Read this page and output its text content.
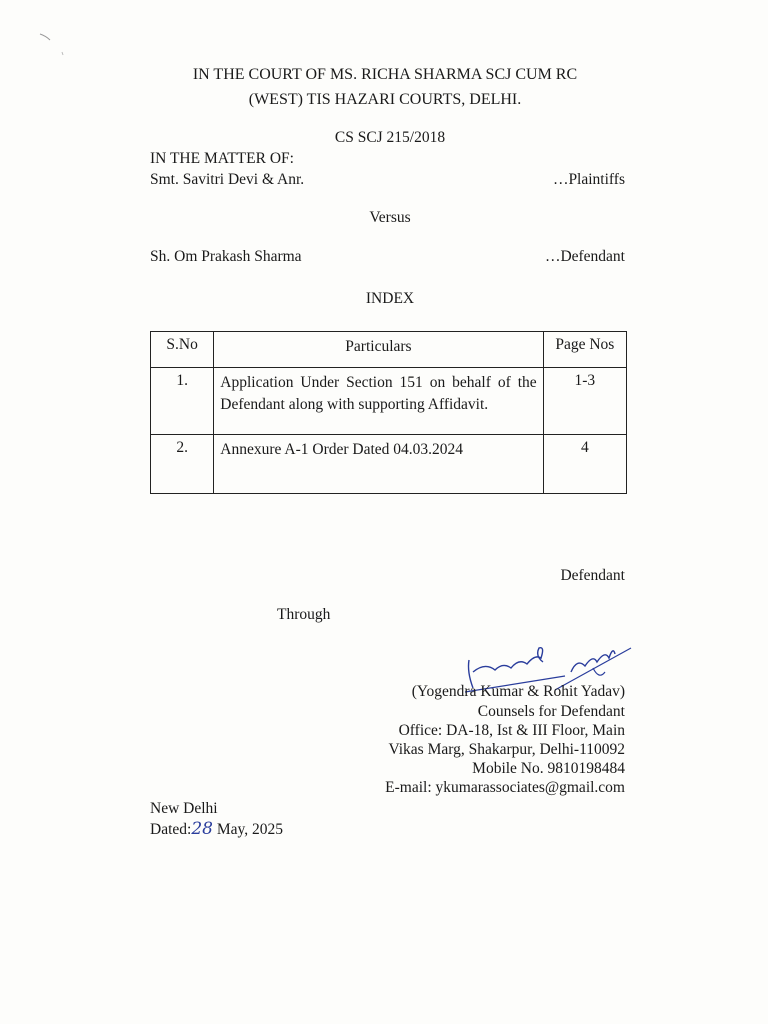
IN THE COURT OF MS. RICHA SHARMA SCJ CUM RC
(WEST) TIS HAZARI COURTS, DELHI.
CS SCJ 215/2018
IN THE MATTER OF:
Smt. Savitri Devi & Anr.	…Plaintiffs
Versus
Sh. Om Prakash Sharma	…Defendant
INDEX
S.No	Particulars	Page Nos
1.	Application Under Section 151 on behalf of the Defendant along with supporting Affidavit.	1-3
2.	Annexure A-1 Order Dated 04.03.2024	4
Defendant
Through
(Yogendra Kumar & Rohit Yadav)
Counsels for Defendant
Office: DA-18, Ist & III Floor, Main
Vikas Marg, Shakarpur, Delhi-110092
Mobile No. 9810198484
E-mail: ykumarassociates@gmail.com
New Delhi
Dated:28 May, 2025
